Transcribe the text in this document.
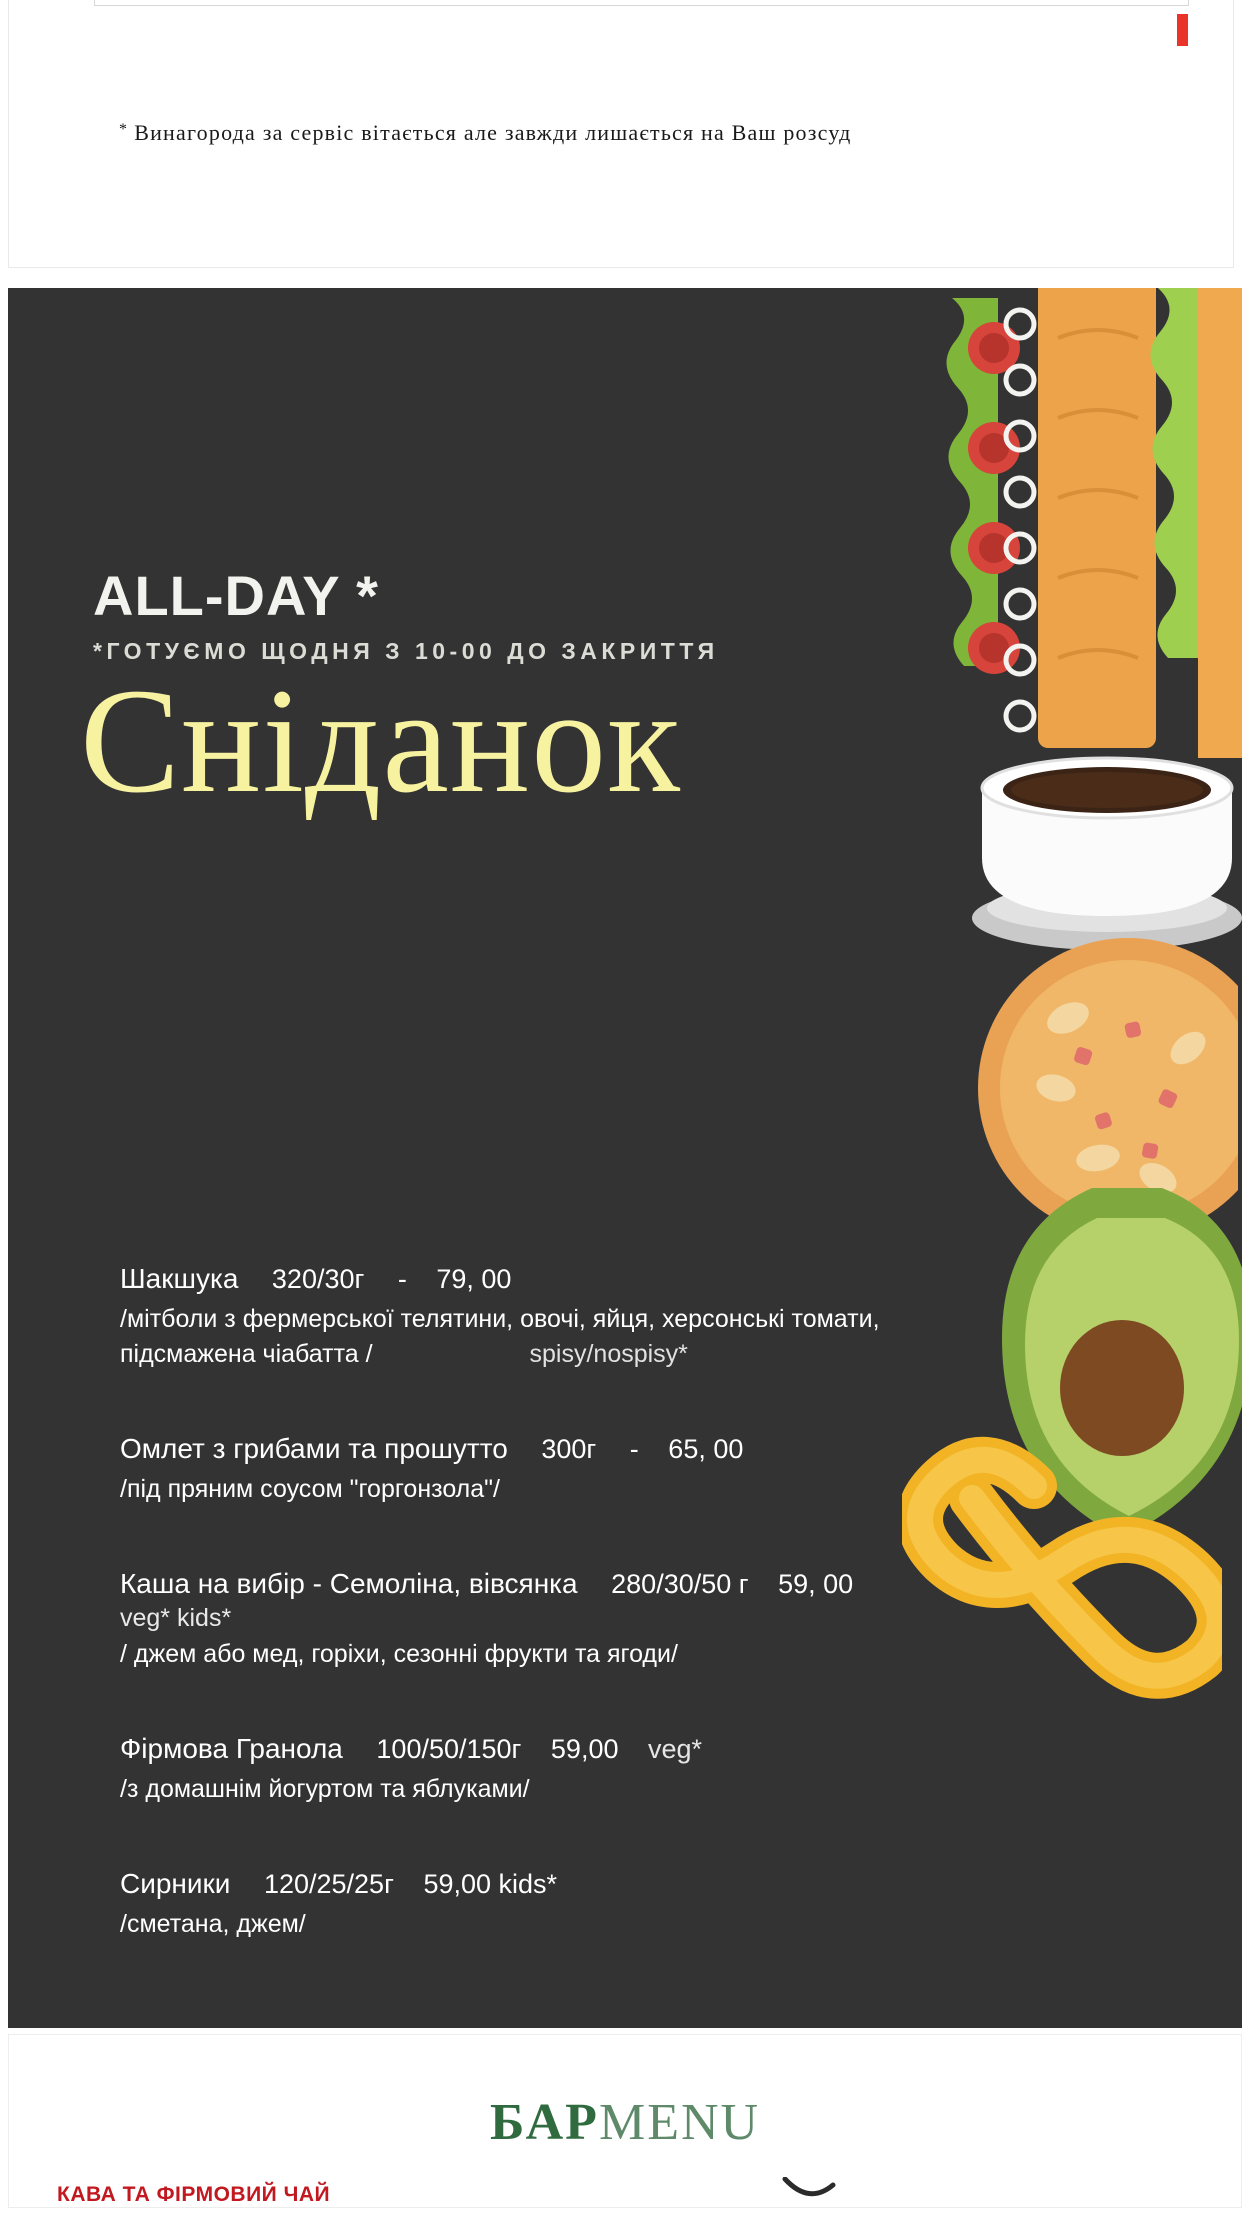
* Винагорода за сервіс вітається але завжди лишається на Ваш розсуд
ALL-DAY *
*ГОТУЄМО ЩОДНЯ З 10-00 ДО ЗАКРИТТЯ
Сніданок
Шакшука 320/30г - 79, 00
/мітболи з фермерської телятини, овочі, яйця, херсонські томати, підсмажена чіабатта /	spisy/nospisy*
Омлет з грибами та прошутто 300г - 65, 00
/під пряним соусом "горгонзола"/
Каша на вибір - Семоліна, вівсянка 280/30/50 г 59, 00
veg* kids*
/ джем або мед, горіхи, сезонні фрукти та ягоди/
Фірмова Гранола 100/50/150г 59,00 veg*
/з домашнім йогуртом та яблуками/
Сирники 120/25/25г 59,00 kids*
/сметана, джем/
БАРMENU
КАВА ТА ФІРМОВИЙ ЧАЙ
